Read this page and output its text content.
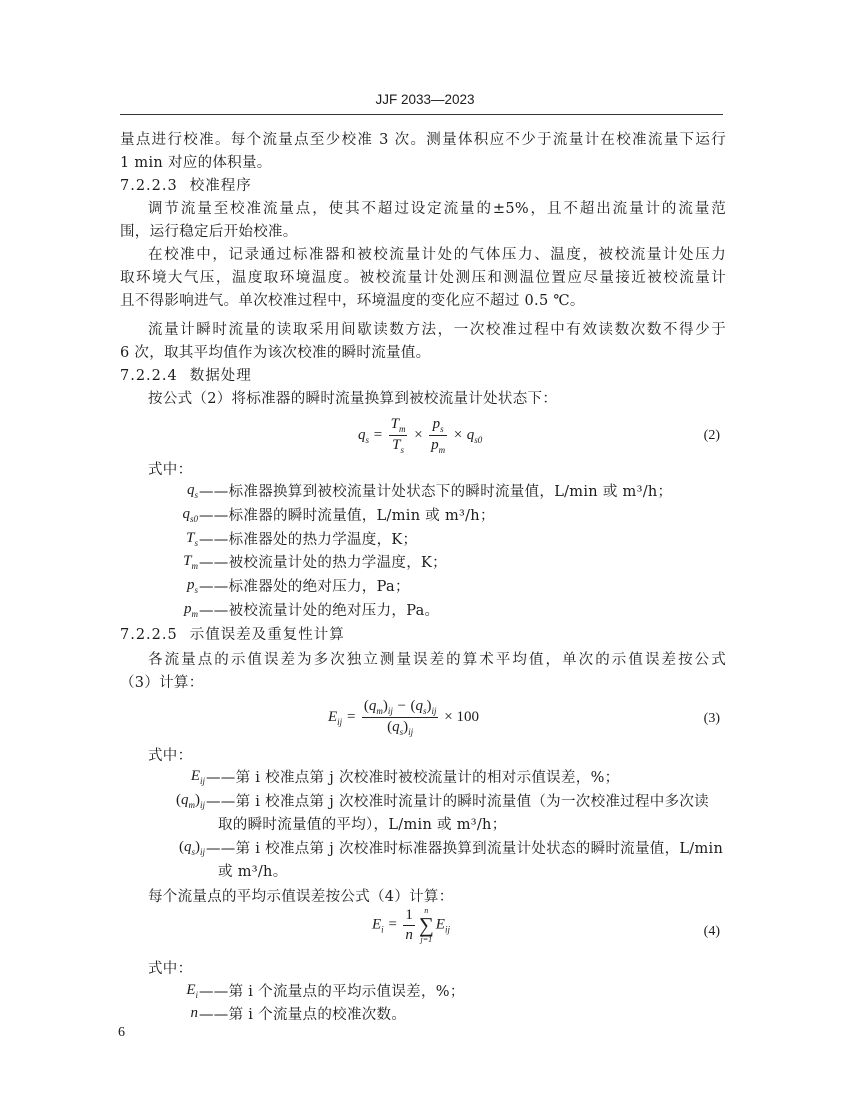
JJF 2033—2023
量点进行校准。每个流量点至少校准 3 次。测量体积应不少于流量计在校准流量下运行
1 min 对应的体积量。
7.2.2.3 校准程序
调节流量至校准流量点，使其不超过设定流量的±5%，且不超出流量计的流量范
围，运行稳定后开始校准。
在校准中，记录通过标准器和被校流量计处的气体压力、温度，被校流量计处压力
取环境大气压，温度取环境温度。被校流量计处测压和测温位置应尽量接近被校流量计
且不得影响进气。单次校准过程中，环境温度的变化应不超过 0.5 ℃。
流量计瞬时流量的读取采用间歇读数方法，一次校准过程中有效读数次数不得少于
6 次，取其平均值作为该次校准的瞬时流量值。
7.2.2.4 数据处理
按公式（2）将标准器的瞬时流量换算到被校流量计处状态下：
$q_s = \frac{T_m}{T_s} \times \frac{p_s}{p_m} \times q_{s0}$	(2)
式中：
$q_s$ ——标准器换算到被校流量计处状态下的瞬时流量值，L/min 或 m³/h；
$q_{s0}$ ——标准器的瞬时流量值，L/min 或 m³/h；
$T_s$ ——标准器处的热力学温度，K；
$T_m$ ——被校流量计处的热力学温度，K；
$p_s$ ——标准器处的绝对压力，Pa；
$p_m$ ——被校流量计处的绝对压力，Pa。
7.2.2.5 示值误差及重复性计算
各流量点的示值误差为多次独立测量误差的算术平均值，单次的示值误差按公式
（3）计算：
$E_{ij} = \frac{(q_m)_{ij} - (q_s)_{ij}}{(q_s)_{ij}} \times 100$	(3)
式中：
$E_{ij}$ ——第 i 校准点第 j 次校准时被校流量计的相对示值误差，%；
$(q_m)_{ij}$ ——第 i 校准点第 j 次校准时流量计的瞬时流量值（为一次校准过程中多次读
取的瞬时流量值的平均），L/min 或 m³/h；
$(q_s)_{ij}$ ——第 i 校准点第 j 次校准时标准器换算到流量计处状态的瞬时流量值，L/min
或 m³/h。
每个流量点的平均示值误差按公式（4）计算：
$E_i = \frac{1}{n}$	n
∑
j=1
$E_{ij}$	(4)
式中：
$E_i$ ——第 i 个流量点的平均示值误差，%；
n ——第 i 个流量点的校准次数。
6
